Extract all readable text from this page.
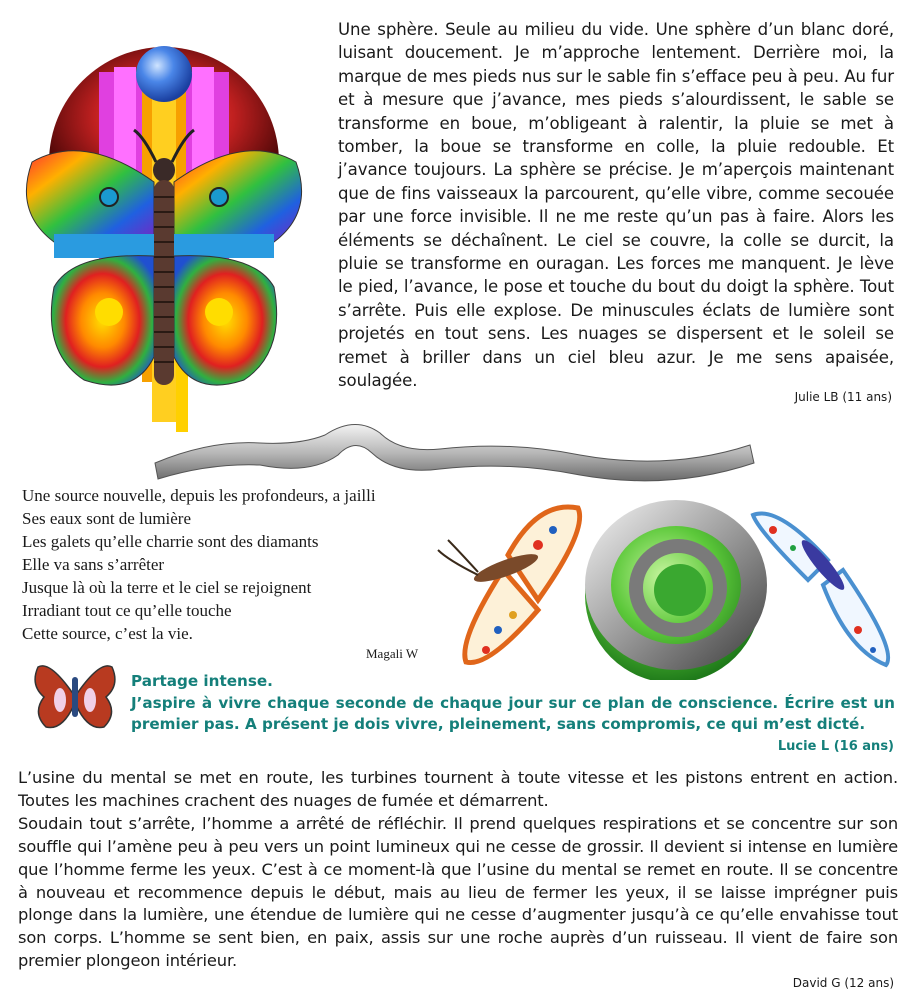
Une sphère. Seule au milieu du vide. Une sphère d’un blanc doré, luisant doucement. Je m’approche lentement. Derrière moi, la marque de mes pieds nus sur le sable fin s’efface peu à peu. Au fur et à mesure que j’avance, mes pieds s’alourdissent, le sable se transforme en boue, m’obligeant à ralentir, la pluie se met à tomber, la boue se transforme en colle, la pluie redouble. Et j’avance toujours. La sphère se précise. Je m’aperçois maintenant que de fins vaisseaux la parcourent, qu’elle vibre, comme secouée par une force invisible. Il ne me reste qu’un pas à faire. Alors les éléments se déchaînent. Le ciel se couvre, la colle se durcit, la pluie se transforme en ouragan. Les forces me manquent. Je lève le pied, l’avance, le pose et touche du bout du doigt la sphère. Tout s’arrête. Puis elle explose. De minuscules éclats de lumière sont projetés en tout sens. Les nuages se dispersent et le soleil se remet à briller dans un ciel bleu azur. Je me sens apaisée, soulagée.
Julie LB (11 ans)
Une source nouvelle, depuis les profondeurs, a jailli
Ses eaux sont de lumière
Les galets qu’elle charrie sont des diamants
Elle va sans s’arrêter
Jusque là où la terre et le ciel se rejoignent
Irradiant tout ce qu’elle touche
Cette source, c’est la vie.
Magali W
Partage intense.
J’aspire à vivre chaque seconde de chaque jour sur ce plan de conscience. Écrire est un
premier pas. A présent je dois vivre, pleinement, sans compromis, ce qui m’est dicté.
Lucie L (16 ans)

L’usine du mental se met en route, les turbines tournent à toute vitesse et les pistons entrent en action. Toutes les machines crachent des nuages de fumée et démarrent.

Soudain tout s’arrête, l’homme a arrêté de réfléchir. Il prend quelques respirations et se concentre sur son souffle qui l’amène peu à peu vers un point lumineux qui ne cesse de grossir. Il devient si intense en lumière que l’homme ferme les yeux. C’est à ce moment-là que l’usine du mental se remet en route. Il se concentre à nouveau et recommence depuis le début, mais au lieu de fermer les yeux, il se laisse imprégner puis plonge dans la lumière, une étendue de lumière qui ne cesse d’augmenter jusqu’à ce qu’elle envahisse tout son corps. L’homme se sent bien, en paix, assis sur une roche auprès d’un ruisseau. Il vient de faire son premier plongeon intérieur.

David G (12 ans)
